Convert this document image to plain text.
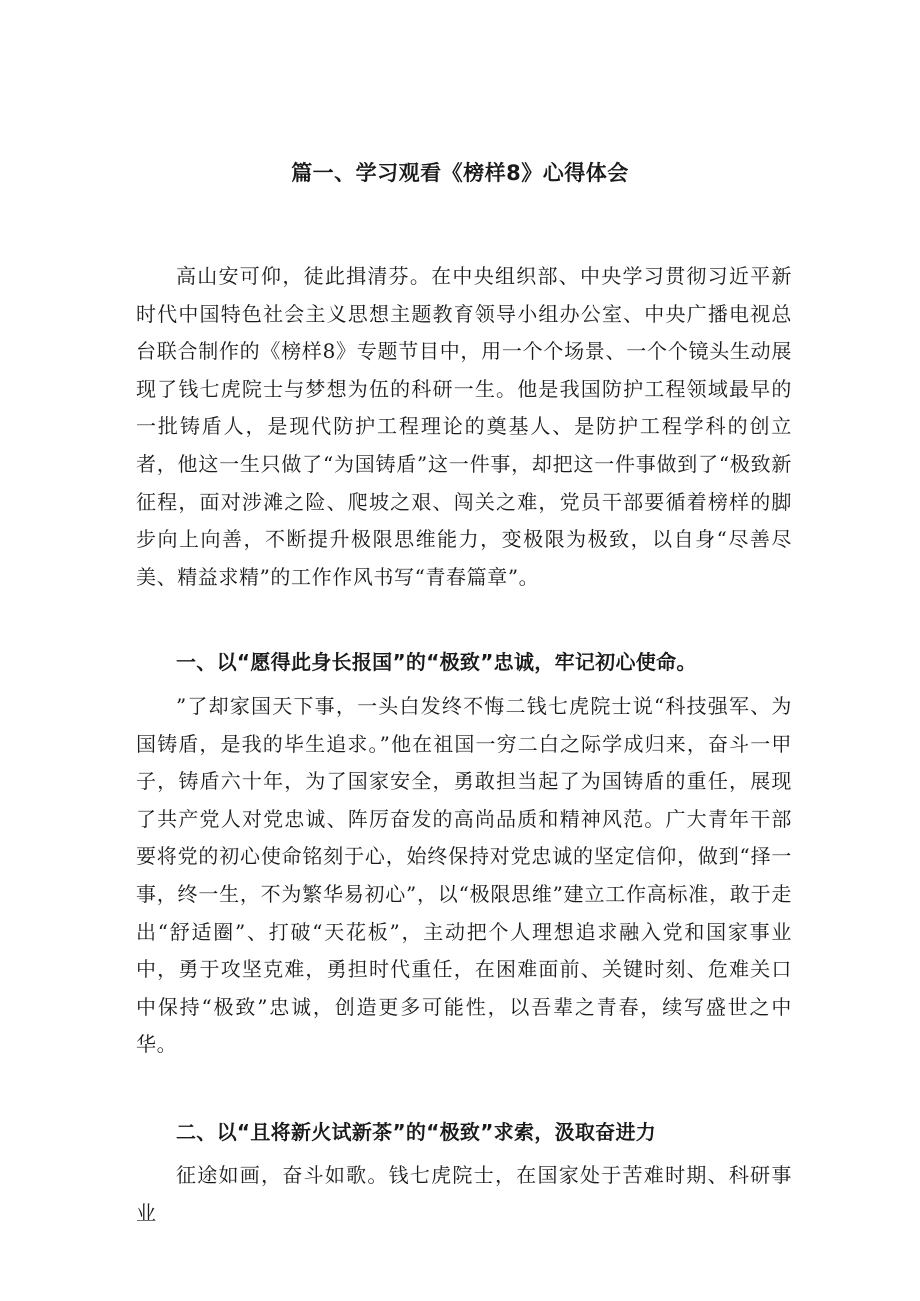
篇一、学习观看《榜样8》心得体会

高山安可仰，徒此揖清芬。在中央组织部、中央学习贯彻习近平新时代中国特色社会主义思想主题教育领导小组办公室、中央广播电视总台联合制作的《榜样8》专题节目中，用一个个场景、一个个镜头生动展现了钱七虎院士与梦想为伍的科研一生。他是我国防护工程领域最早的一批铸盾人，是现代防护工程理论的奠基人、是防护工程学科的创立者，他这一生只做了“为国铸盾”这一件事，却把这一件事做到了“极致新征程，面对涉滩之险、爬坡之艰、闯关之难，党员干部要循着榜样的脚步向上向善，不断提升极限思维能力，变极限为极致，以自身“尽善尽美、精益求精”的工作作风书写“青春篇章”。

一、以“愿得此身长报国”的“极致”忠诚，牢记初心使命。

”了却家国天下事，一头白发终不悔二钱七虎院士说“科技强军、为国铸盾，是我的毕生追求。”他在祖国一穷二白之际学成归来，奋斗一甲子，铸盾六十年，为了国家安全，勇敢担当起了为国铸盾的重任，展现了共产党人对党忠诚、阵厉奋发的高尚品质和精神风范。广大青年干部要将党的初心使命铭刻于心，始终保持对党忠诚的坚定信仰，做到“择一事，终一生，不为繁华易初心”，以“极限思维”建立工作高标准，敢于走出“舒适圈”、打破“天花板”，主动把个人理想追求融入党和国家事业中，勇于攻坚克难，勇担时代重任，在困难面前、关键时刻、危难关口中保持“极致”忠诚，创造更多可能性，以吾辈之青春，续写盛世之中华。

二、以“且将新火试新茶”的“极致”求索，汲取奋进力

征途如画，奋斗如歌。钱七虎院士，在国家处于苦难时期、科研事业
